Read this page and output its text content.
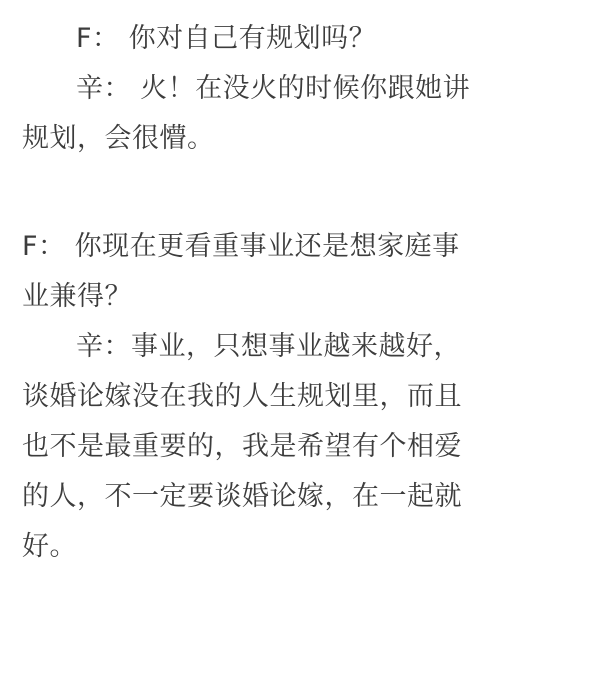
F： 你对自己有规划吗？

辛： 火！在没火的时候你跟她讲

规划，会很懵。

F： 你现在更看重事业还是想家庭事

业兼得？

辛：事业，只想事业越来越好，

谈婚论嫁没在我的人生规划里，而且

也不是最重要的，我是希望有个相爱

的人，不一定要谈婚论嫁，在一起就

好。
